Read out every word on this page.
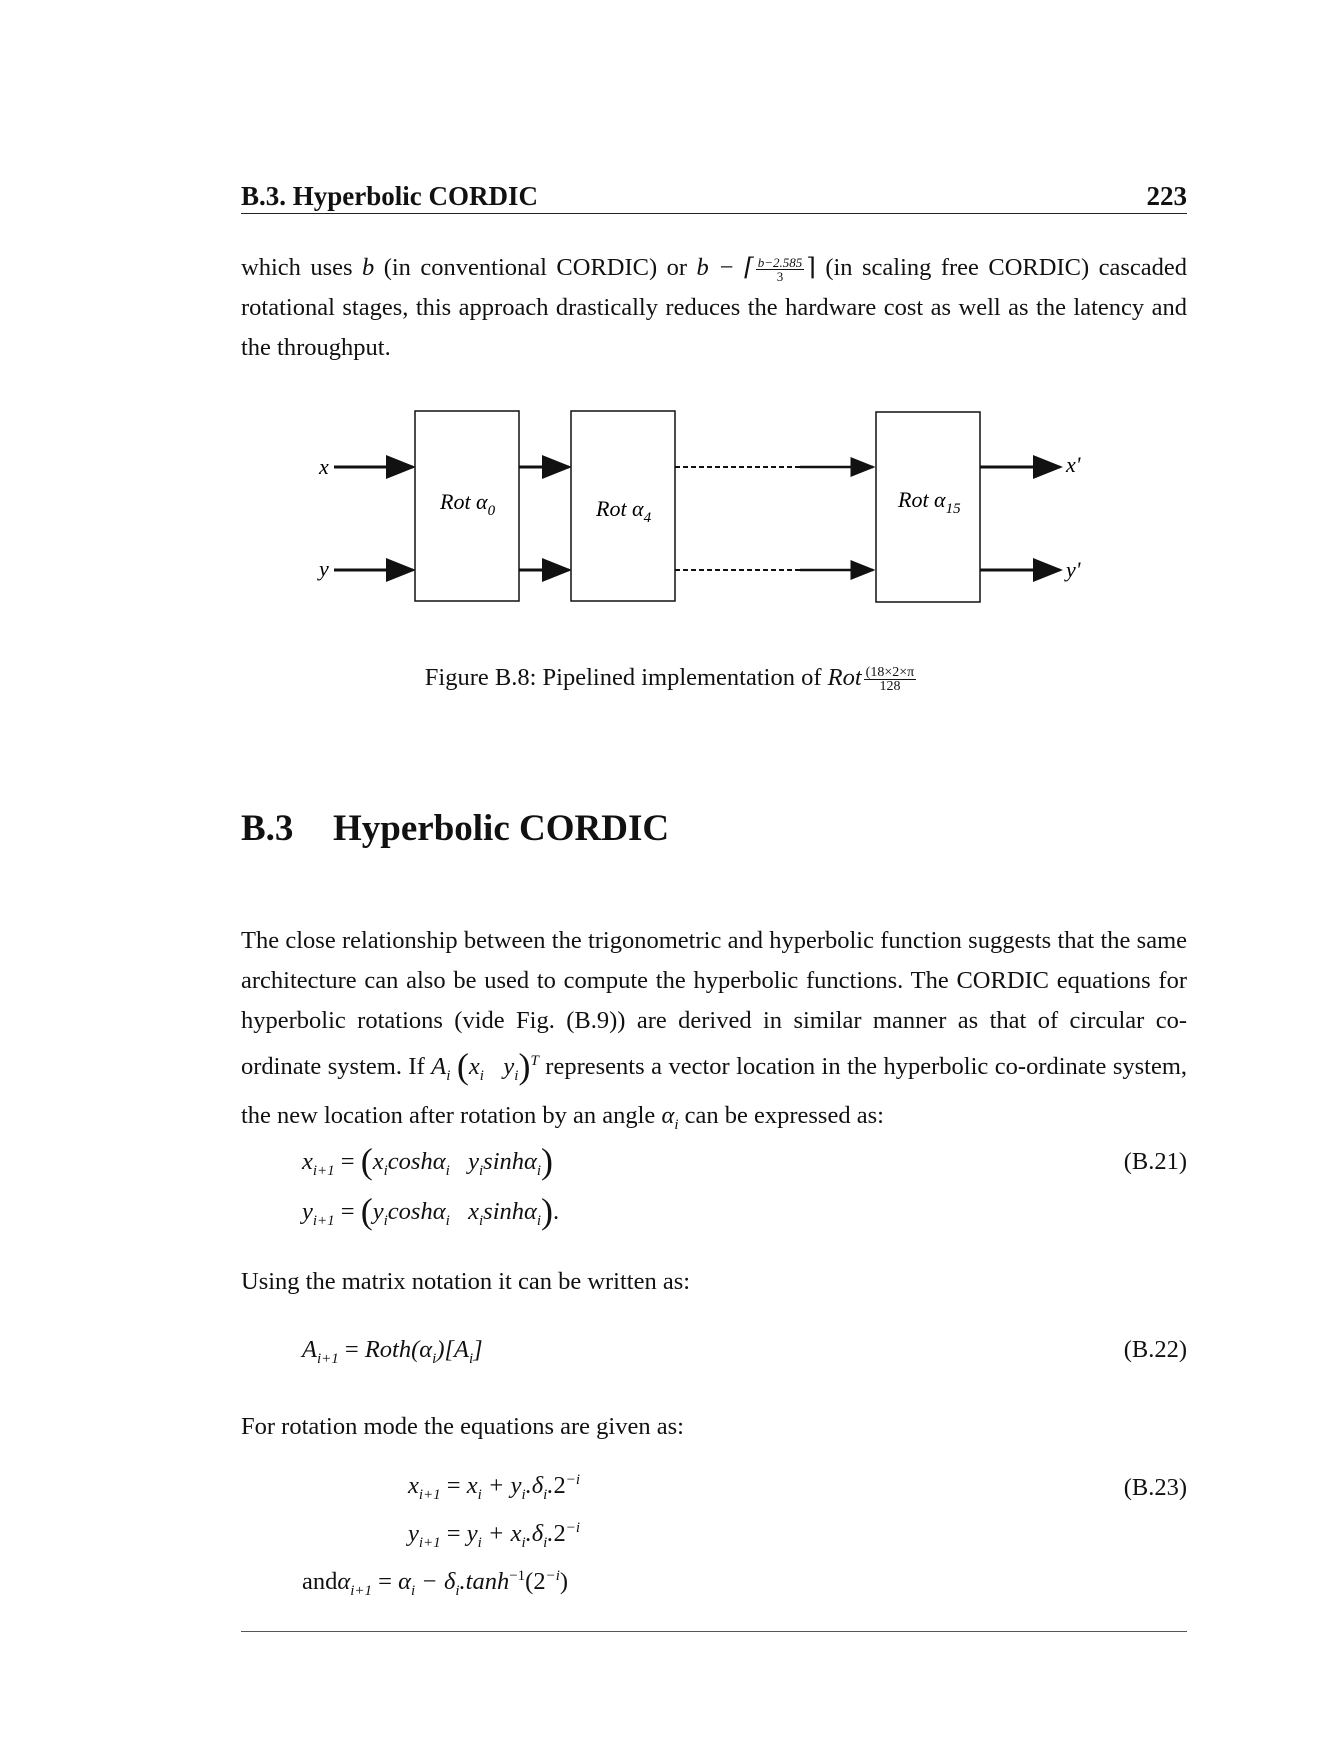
B.3. Hyperbolic CORDIC	223

which uses b (in conventional CORDIC) or b − ⌈ $\frac{b-2.585}{3}$ ⌉ (in scaling free CORDIC) cascaded rotational stages, this approach drastically reduces the hardware cost as well as the latency and the throughput.

x
y
Rot $\alpha_0$	Rot $\alpha_4$
Rot $\alpha_{15}$
x'
y'
Figure B.8: Pipelined implementation of Rot $\frac{(18\times 2\times\pi}{128}$
B.3 Hyperbolic CORDIC

The close relationship between the trigonometric and hyperbolic function suggests that the same architecture can also be used to compute the hyperbolic functions. The CORDIC equations for hyperbolic rotations (vide Fig. (B.9)) are derived in similar manner as that of circular co-ordinate system. If $A_i$ ($x_i$   $y_i)^T$ represents a vector location in the hyperbolic co-ordinate system, the new location after rotation by an angle $\alpha_i$ can be expressed as:

$x_{i+1} = (x_i\cosh\alpha_i$   $y_i\sinh\alpha_i$)	(B.21)
$y_{i+1} = (y_i\cosh\alpha_i$   $x_i\sinh\alpha_i$).
Using the matrix notation it can be written as:
$A_{i+1}$ = $Roth(\alpha_i)[A_i]$	(B.22)
For rotation mode the equations are given as:
$x_{i+1} = x_i + y_i.\delta_i.2^{-i}$	(B.23)
$y_{i+1} = y_i + x_i.\delta_i.2^{-i}$
$and\alpha_{i+1} = \alpha_i - \delta_i.\tanh^{-1}(2^{-i})$
